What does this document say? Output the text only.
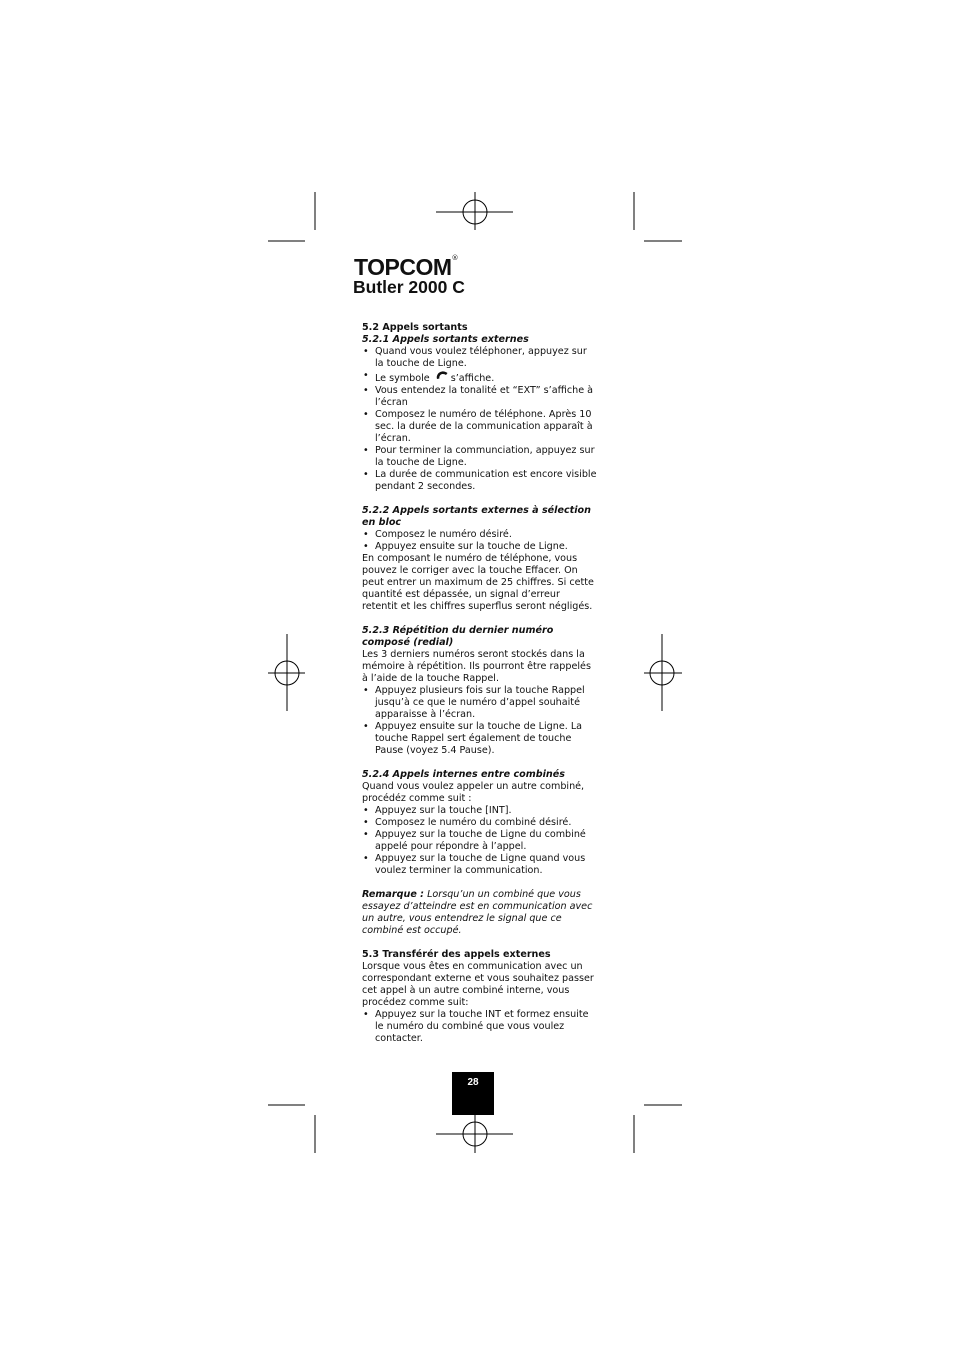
TOPCOM®
Butler 2000 C

5.2 Appels sortants

5.2.1 Appels sortants externes

• Quand vous voulez téléphoner, appuyez sur la touche de Ligne.
• Le symbole s’affiche.
• Vous entendez la tonalité et “EXT” s’affiche à l’écran
• Composez le numéro de téléphone. Après 10 sec. la durée de la communication apparaît à l’écran.
• Pour terminer la communciation, appuyez sur la touche de Ligne.
• La durée de communication est encore visible pendant 2 secondes.

5.2.2 Appels sortants externes à sélection en bloc

• Composez le numéro désiré.
• Appuyez ensuite sur la touche de Ligne.

En composant le numéro de téléphone, vous pouvez le corriger avec la touche Effacer. On peut entrer un maximum de 25 chiffres. Si cette quantité est dépassée, un signal d’erreur retentit et les chiffres superflus seront négligés.

5.2.3 Répétition du dernier numéro composé (redial)

Les 3 derniers numéros seront stockés dans la mémoire à répétition. Ils pourront être rappelés à l’aide de la touche Rappel.

• Appuyez plusieurs fois sur la touche Rappel jusqu’à ce que le numéro d’appel souhaité apparaisse à l’écran.
• Appuyez ensuite sur la touche de Ligne. La touche Rappel sert également de touche Pause (voyez 5.4 Pause).

5.2.4 Appels internes entre combinés

Quand vous voulez appeler un autre combiné, procédéz comme suit :

• Appuyez sur la touche [INT].
• Composez le numéro du combiné désiré.
• Appuyez sur la touche de Ligne du combiné appelé pour répondre à l’appel.
• Appuyez sur la touche de Ligne quand vous voulez terminer la communication.

Remarque : Lorsqu’un un combiné que vous essayez d’atteindre est en communication avec un autre, vous entendrez le signal que ce combiné est occupé.

5.3 Transférér des appels externes

Lorsque vous êtes en communication avec un correspondant externe et vous souhaitez passer cet appel à un autre combiné interne, vous procédez comme suit:

• Appuyez sur la touche INT et formez ensuite le numéro du combiné que vous voulez contacter.
28
